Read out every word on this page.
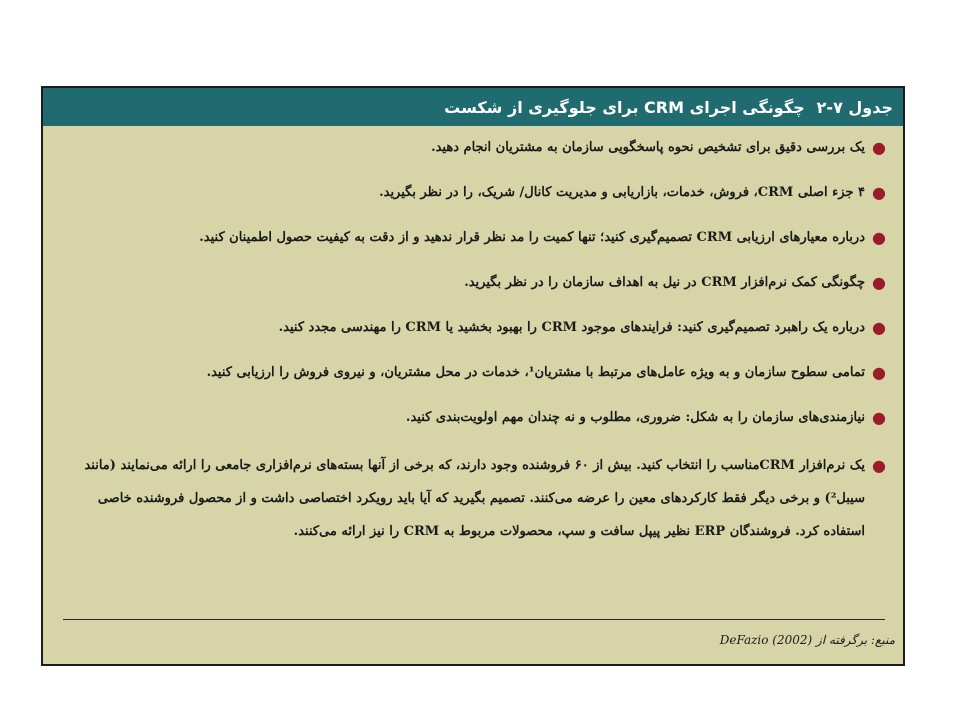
جدول ۷-۲
چگونگی اجرای CRM برای جلوگیری از شکست
●
یک بررسی دقیق برای تشخیص نحوه پاسخگویی سازمان به مشتریان انجام دهید.
●
۴ جزء اصلی CRM، فروش، خدمات، بازاریابی و مدیریت کانال/ شریک، را در نظر بگیرید.
●
درباره معیارهای ارزیابی CRM تصمیم‌گیری کنید؛ تنها کمیت را مد نظر قرار ندهید و از دقت به کیفیت حصول اطمینان کنید.
●
چگونگی کمک نرم‌افزار CRM در نیل به اهداف سازمان را در نظر بگیرید.
●
درباره یک راهبرد تصمیم‌گیری کنید: فرایندهای موجود CRM را بهبود بخشید یا CRM را مهندسی مجدد کنید.
●
تمامی سطوح سازمان و به ویژه عامل‌های مرتبط با مشتریان¹، خدمات در محل مشتریان، و نیروی فروش را ارزیابی کنید.
●
نیازمندی‌های سازمان را به شکل: ضروری، مطلوب و نه چندان مهم اولویت‌بندی کنید.
●
یک نرم‌افزار CRMمناسب را انتخاب کنید. بیش از ۶۰ فروشنده وجود دارند، که برخی از آنها بسته‌های نرم‌افزاری جامعی را ارائه می‌نمایند (مانند سیبل²) و برخی دیگر فقط کارکردهای معین را عرضه می‌کنند. تصمیم بگیرید که آیا باید رویکرد اختصاصی داشت و از محصول فروشنده خاصی استفاده کرد. فروشندگان ERP نظیر پیپل سافت و سپ، محصولات مربوط به CRM را نیز ارائه می‌کنند.
منبع: برگرفته از DeFazio (2002)
